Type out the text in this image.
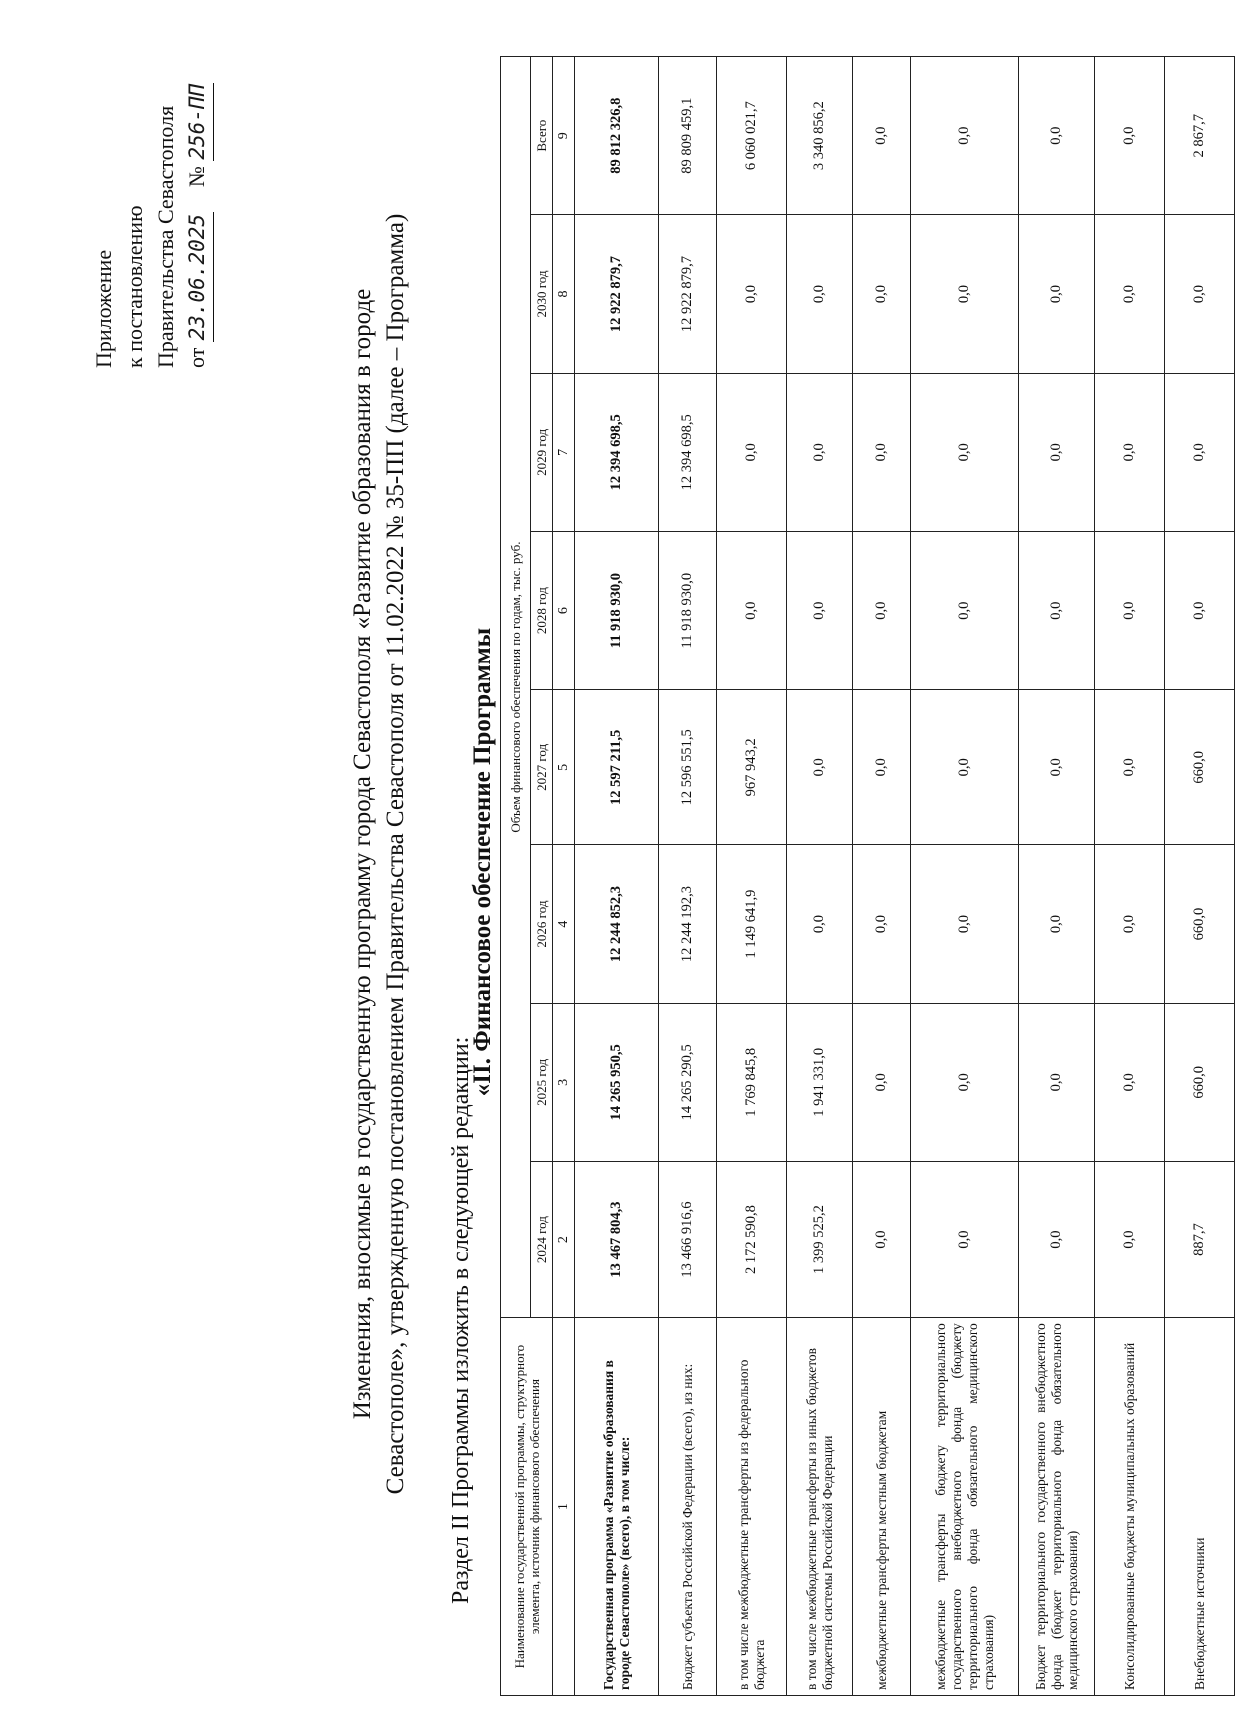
Приложение к постановлению Правительства Севастополя от 23.06.2025  № 256-ПП
Изменения, вносимые в государственную программу города Севастополя «Развитие образования в городе Севастополе», утвержденную постановлением Правительства Севастополя от 11.02.2022 № 35-ПП (далее – Программа) Раздел II Программы изложить в следующей редакции:
«II. Финансовое обеспечение Программы
Наименование государственной программы, структурного элемента, источник финансового обеспечения	Объем финансового обеспечения по годам, тыс. руб.							
	2024 год	2025 год	2026 год	2027 год	2028 год	2029 год	2030 год	Всего
1	2	3	4	5	6	7	8	9
Государственная программа «Развитие образования в городе Севастополе» (всего), в том числе:	13 467 804,3	14 265 950,5	12 244 852,3	12 597 211,5	11 918 930,0	12 394 698,5	12 922 879,7	89 812 326,8
Бюджет субъекта Российской Федерации (всего), из них:	13 466 916,6	14 265 290,5	12 244 192,3	12 596 551,5	11 918 930,0	12 394 698,5	12 922 879,7	89 809 459,1
в том числе межбюджетные трансферты из федерального бюджета	2 172 590,8	1 769 845,8	1 149 641,9	967 943,2	0,0	0,0	0,0	6 060 021,7
в том числе межбюджетные трансферты из иных бюджетов бюджетной системы Российской Федерации	1 399 525,2	1 941 331,0	0,0	0,0	0,0	0,0	0,0	3 340 856,2
межбюджетные трансферты местным бюджетам	0,0	0,0	0,0	0,0	0,0	0,0	0,0	0,0
межбюджетные трансферты бюджету территориального государственного внебюджетного фонда (бюджету территориального фонда обязательного медицинского страхования)	0,0	0,0	0,0	0,0	0,0	0,0	0,0	0,0
Бюджет территориального государственного внебюджетного фонда (бюджет территориального фонда обязательного медицинского страхования)	0,0	0,0	0,0	0,0	0,0	0,0	0,0	0,0
Консолидированные бюджеты муниципальных образований	0,0	0,0	0,0	0,0	0,0	0,0	0,0	0,0
Внебюджетные источники	887,7	660,0	660,0	660,0	0,0	0,0	0,0	2 867,7
